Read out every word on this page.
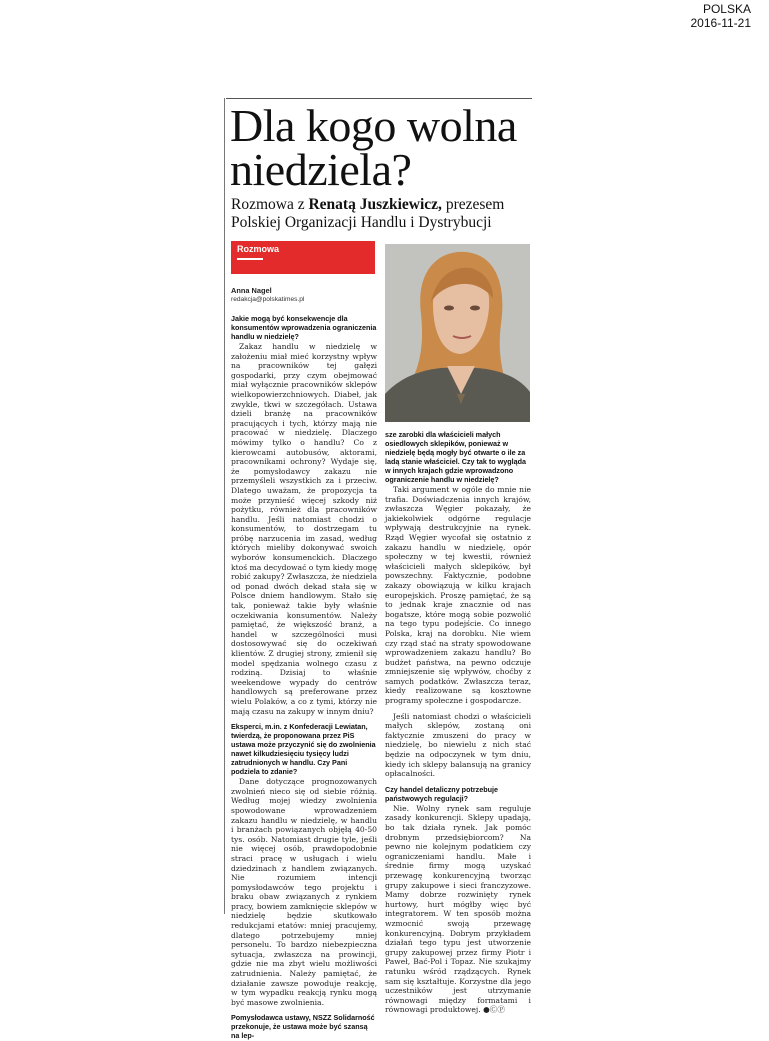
POLSKA
2016-11-21
Dla kogo wolna
niedziela?
Rozmowa z Renatą Juszkiewicz, prezesem Polskiej Organizacji Handlu i Dystrybucji
Rozmowa

Anna Nagel

redakcja@polskatimes.pl

Jakie mogą być konsekwencje dla konsumentów wprowadzenia ograniczenia handlu w niedzielę?

Zakaz handlu w niedzielę w założeniu miał mieć korzystny wpływ na pracowników tej gałęzi gospodarki, przy czym obejmować miał wyłącznie pracowników sklepów wielkopowierzchniowych. Diabeł, jak zwykle, tkwi w szczegółach. Ustawa dzieli branżę na pracowników pracujących i tych, którzy mają nie pracować w niedzielę. Dlaczego mówimy tylko o handlu? Co z kierowcami autobusów, aktorami, pracownikami ochrony? Wydaje się, że pomysłodawcy zakazu nie przemyśleli wszystkich za i przeciw. Dlatego uważam, że propozycja ta może przynieść więcej szkody niż pożytku, również dla pracowników handlu. Jeśli natomiast chodzi o konsumentów, to dostrzegam tu próbę narzucenia im zasad, według których mieliby dokonywać swoich wyborów konsumenckich. Dlaczego ktoś ma decydować o tym kiedy mogę robić zakupy? Zwłaszcza, że niedziela od ponad dwóch dekad stała się w Polsce dniem handlowym. Stało się tak, ponieważ takie były właśnie oczekiwania konsumentów. Należy pamiętać, że większość branż, a handel w szczególności musi dostosowywać się do oczekiwań klientów. Z drugiej strony, zmienił się model spędzania wolnego czasu z rodziną. Dzisiaj to właśnie weekendowe wypady do centrów handlowych są preferowane przez wielu Polaków, a co z tymi, którzy nie mają czasu na zakupy w innym dniu?

Eksperci, m.in. z Konfederacji Lewiatan, twierdzą, że proponowana przez PiS ustawa może przyczynić się do zwolnienia nawet kilkudziesięciu tysięcy ludzi zatrudnionych w handlu. Czy Pani podziela to zdanie?

Dane dotyczące prognozowanych zwolnień nieco się od siebie różnią. Według mojej wiedzy zwolnienia spowodowane wprowadzeniem zakazu handlu w niedzielę, w handlu i branżach powiązanych objęłą 40-50 tys. osób. Natomiast drugie tyle, jeśli nie więcej osób, prawdopodobnie straci pracę w usługach i wielu dziedzinach z handlem związanych. Nie rozumiem intencji pomysłodawców tego projektu i braku obaw związanych z rynkiem pracy, bowiem zamknięcie sklepów w niedzielę będzie skutkowało redukcjami etatów: mniej pracujemy, dlatego potrzebujemy mniej personelu. To bardzo niebezpieczna sytuacja, zwłaszcza na prowincji, gdzie nie ma zbyt wielu możliwości zatrudnienia. Należy pamiętać, że działanie zawsze powoduje reakcję, w tym wypadku reakcją rynku mogą być masowe zwolnienia.

Pomysłodawca ustawy, NSZZ Solidarność przekonuje, że ustawa może być szansą na lep-

sze zarobki dla właścicieli małych osiedlowych sklepików, ponieważ w niedzielę będą mogły być otwarte o ile za ladą stanie właściciel. Czy tak to wygląda w innych krajach gdzie wprowadzono ograniczenie handlu w niedzielę?

Taki argument w ogóle do mnie nie trafia. Doświadczenia innych krajów, zwłaszcza Węgier pokazały, że jakiekolwiek odgórne regulacje wpływają destrukcyjnie na rynek. Rząd Węgier wycofał się ostatnio z zakazu handlu w niedzielę, opór społeczny w tej kwestii, również właścicieli małych sklepików, był powszechny. Faktycznie, podobne zakazy obowiązują w kilku krajach europejskich. Proszę pamiętać, że są to jednak kraje znacznie od nas bogatsze, które mogą sobie pozwolić na tego typu podejście. Co innego Polska, kraj na dorobku. Nie wiem czy rząd stać na straty spowodowane wprowadzeniem zakazu handlu? Bo budżet państwa, na pewno odczuje zmniejszenie się wpływów, choćby z samych podatków. Zwłaszcza teraz, kiedy realizowane są kosztowne programy społeczne i gospodarcze.

Jeśli natomiast chodzi o właścicieli małych sklepów, zostaną oni faktycznie zmuszeni do pracy w niedzielę, bo niewielu z nich stać będzie na odpoczynek w tym dniu, kiedy ich sklepy balansują na granicy opłacalności.

Czy handel detaliczny potrzebuje państwowych regulacji?

Nie. Wolny rynek sam reguluje zasady konkurencji. Sklepy upadają, bo tak działa rynek. Jak pomóc drobnym przedsiębiorcom? Na pewno nie kolejnym podatkiem czy ograniczeniami handlu. Małe i średnie firmy mogą uzyskać przewagę konkurencyjną tworząc grupy zakupowe i sieci franczyzowe. Mamy dobrze rozwinięty rynek hurtowy, hurt mógłby więc być integratorem. W ten sposób można wzmocnić swoją przewagę konkurencyjną. Dobrym przykładem działań tego typu jest utworzenie grupy zakupowej przez firmy Piotr i Paweł, Bać-Pol i Topaz. Nie szukajmy ratunku wśród rządzących. Rynek sam się kształtuje. Korzystne dla jego uczestników jest utrzymanie równowagi między formatami i równowagi produktowej. ●ⒸⓅ
